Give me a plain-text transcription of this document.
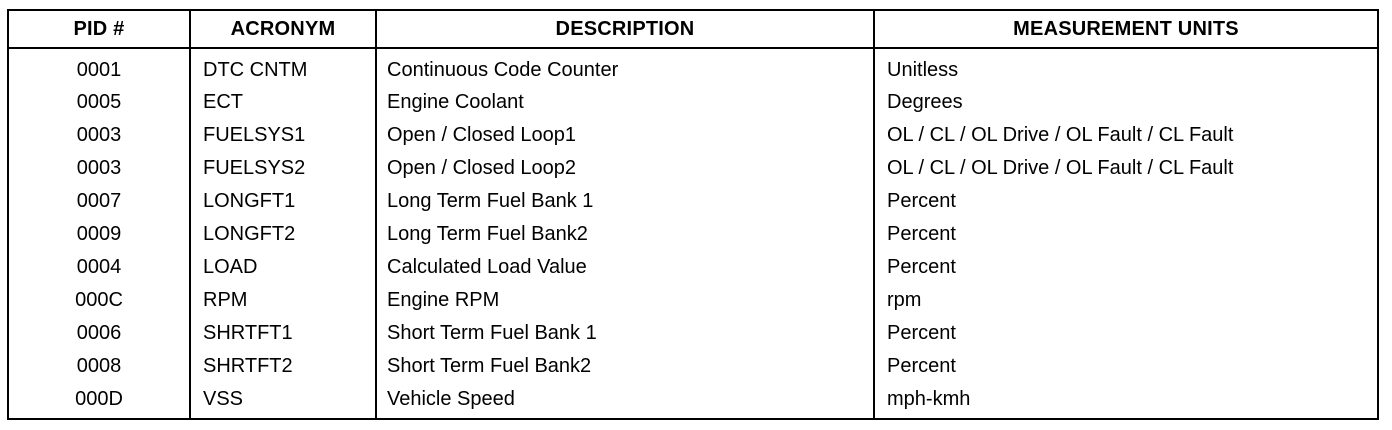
PID #	ACRONYM	DESCRIPTION	MEASUREMENT UNITS
0001	DTC CNTM	Continuous Code Counter	Unitless
0005	ECT	Engine Coolant	Degrees
0003	FUELSYS1	Open / Closed Loop1	OL / CL / OL Drive / OL Fault / CL Fault
0003	FUELSYS2	Open / Closed Loop2	OL / CL / OL Drive / OL Fault / CL Fault
0007	LONGFT1	Long Term Fuel Bank 1	Percent
0009	LONGFT2	Long Term Fuel Bank2	Percent
0004	LOAD	Calculated Load Value	Percent
000C	RPM	Engine RPM	rpm
0006	SHRTFT1	Short Term Fuel Bank 1	Percent
0008	SHRTFT2	Short Term Fuel Bank2	Percent
000D	VSS	Vehicle Speed	mph-kmh
